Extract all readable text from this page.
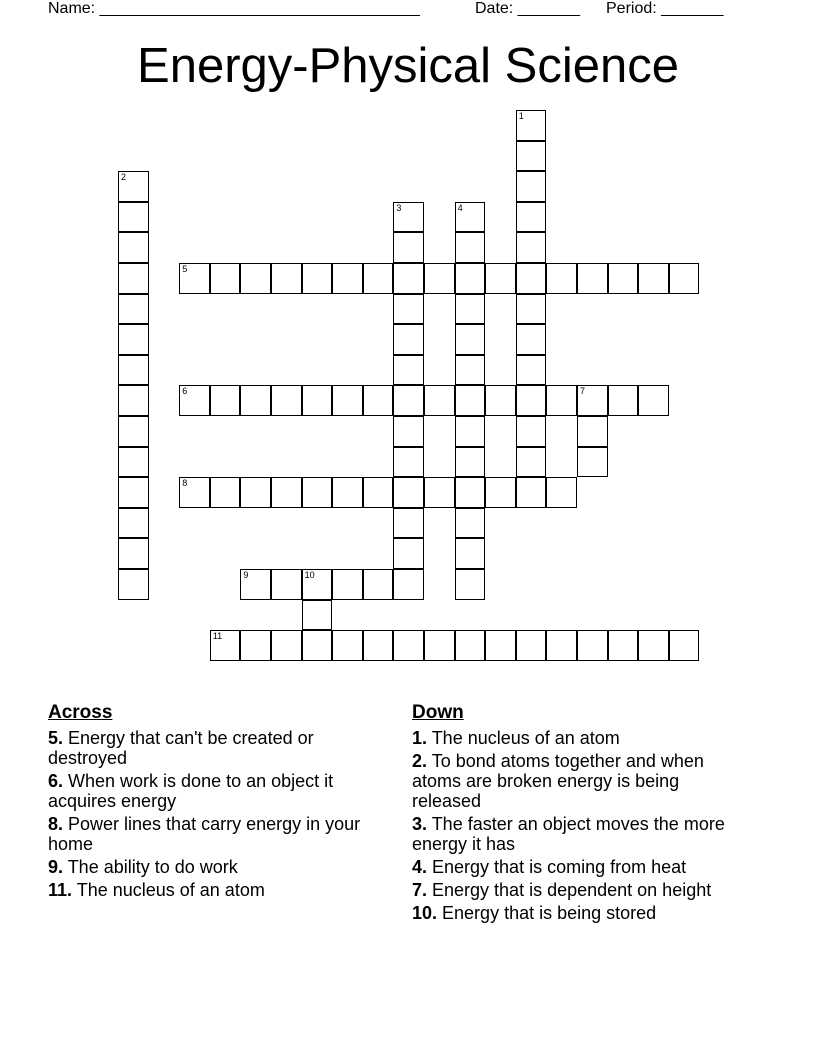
Name: ____________________________________	Date: _______ Period: _______
Energy-Physical Science
1
2
3	4
5
6	7
8
9	10
11
Across
5. Energy that can't be created or destroyed
6. When work is done to an object it acquires energy
8. Power lines that carry energy in your home
9. The ability to do work
11. The nucleus of an atom
Down
1. The nucleus of an atom
2. To bond atoms together and when atoms are broken energy is being released
3. The faster an object moves the more energy it has
4. Energy that is coming from heat
7. Energy that is dependent on height
10. Energy that is being stored
